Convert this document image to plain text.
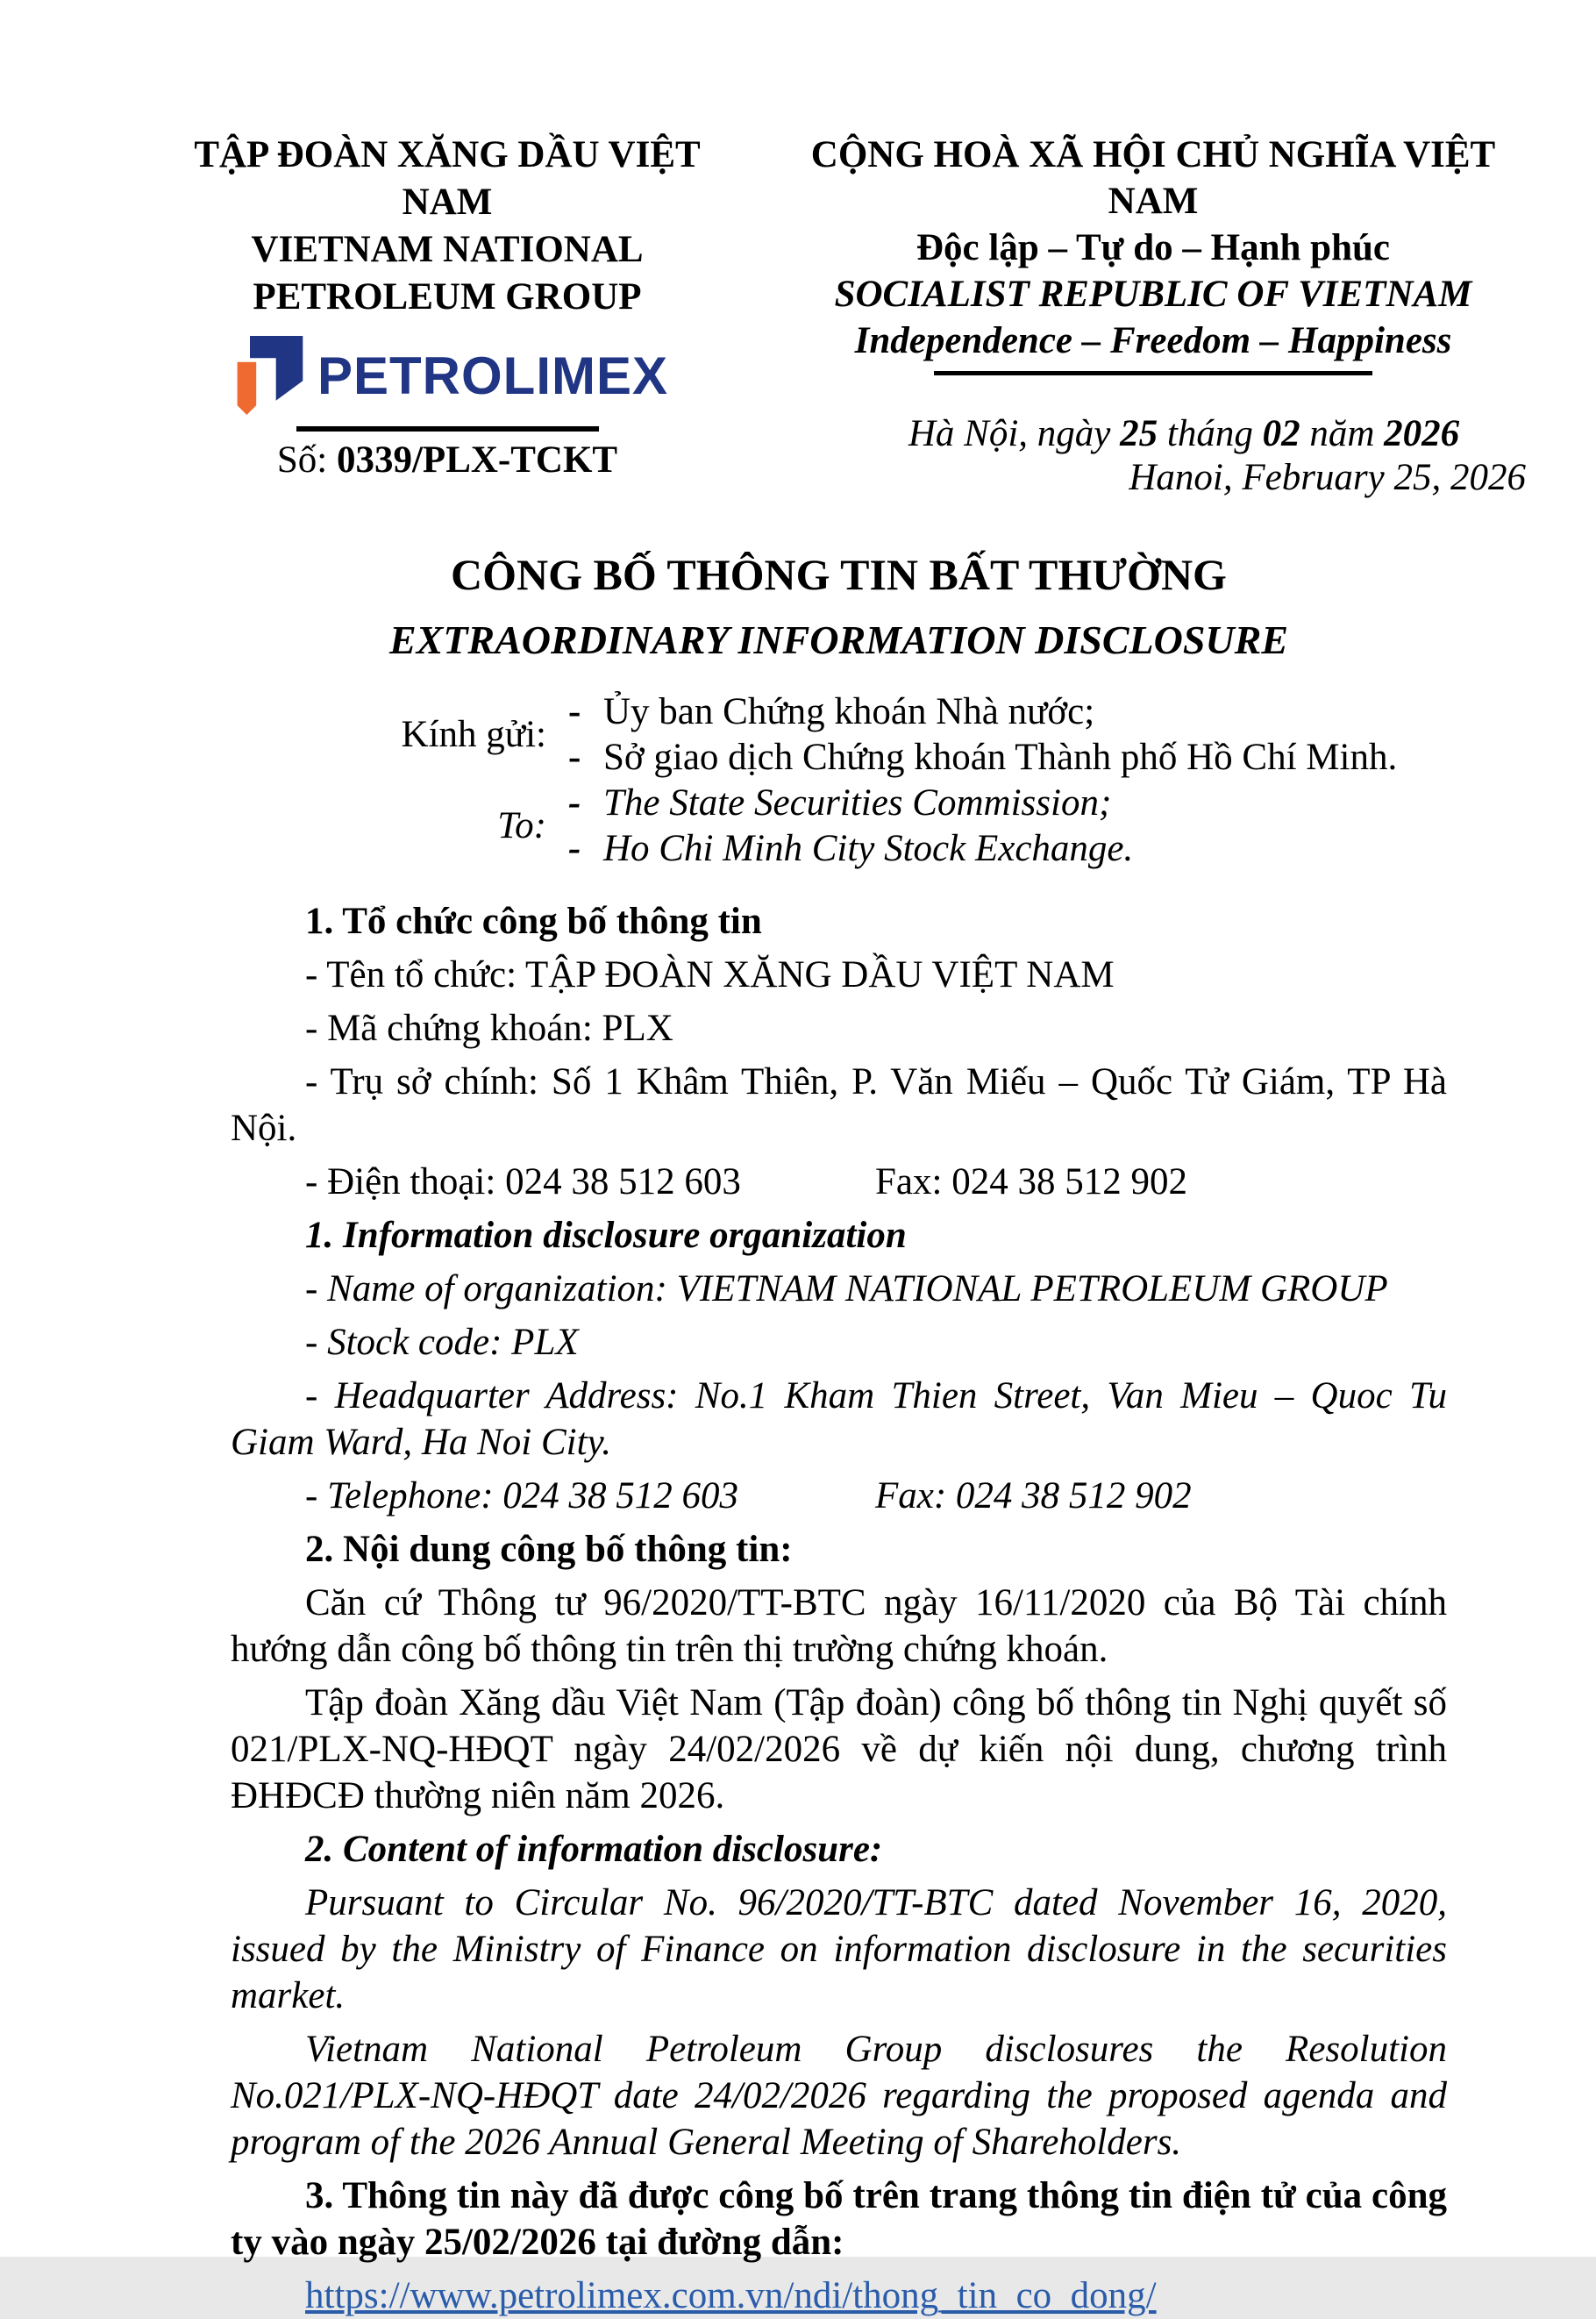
TẬP ĐOÀN XĂNG DẦU VIỆT NAM
VIETNAM NATIONAL
PETROLEUM GROUP
PETROLIMEX
Số: 0339/PLX-TCKT
CỘNG HOÀ XÃ HỘI CHỦ NGHĨA VIỆT NAM
Độc lập – Tự do – Hạnh phúc
SOCIALIST REPUBLIC OF VIETNAM
Independence – Freedom – Happiness
Hà Nội, ngày 25 tháng 02 năm 2026
Hanoi, February 25, 2026
CÔNG BỐ THÔNG TIN BẤT THƯỜNG
EXTRAORDINARY INFORMATION DISCLOSURE
Kính gửi:
- Ủy ban Chứng khoán Nhà nước;
- Sở giao dịch Chứng khoán Thành phố Hồ Chí Minh.
To:
- The State Securities Commission;
- Ho Chi Minh City Stock Exchange.

1. Tổ chức công bố thông tin

- Tên tổ chức: TẬP ĐOÀN XĂNG DẦU VIỆT NAM

- Mã chứng khoán: PLX

- Trụ sở chính: Số 1 Khâm Thiên, P. Văn Miếu – Quốc Tử Giám, TP Hà Nội.

- Điện thoại: 024 38 512 603	Fax: 024 38 512 902

1. Information disclosure organization

- Name of organization: VIETNAM NATIONAL PETROLEUM GROUP

- Stock code: PLX

- Headquarter Address: No.1 Kham Thien Street, Van Mieu – Quoc Tu Giam Ward, Ha Noi City.

- Telephone: 024 38 512 603	Fax: 024 38 512 902

2. Nội dung công bố thông tin:

Căn cứ Thông tư 96/2020/TT-BTC ngày 16/11/2020 của Bộ Tài chính hướng dẫn công bố thông tin trên thị trường chứng khoán.

Tập đoàn Xăng dầu Việt Nam (Tập đoàn) công bố thông tin Nghị quyết số 021/PLX-NQ-HĐQT ngày 24/02/2026 về dự kiến nội dung, chương trình ĐHĐCĐ thường niên năm 2026.

2. Content of information disclosure:

Pursuant to Circular No. 96/2020/TT-BTC dated November 16, 2020, issued by the Ministry of Finance on information disclosure in the securities market.

Vietnam National Petroleum Group disclosures the Resolution No.021/PLX-NQ-HĐQT date 24/02/2026 regarding the proposed agenda and program of the 2026 Annual General Meeting of Shareholders.

3. Thông tin này đã được công bố trên trang thông tin điện tử của công ty vào ngày 25/02/2026 tại đường dẫn:

https://www.petrolimex.com.vn/ndi/thong_tin_co_dong/
